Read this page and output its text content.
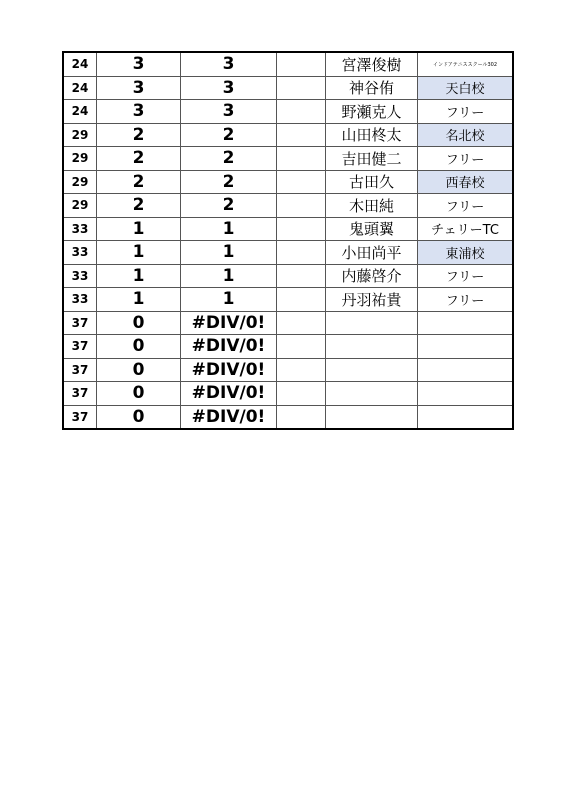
24	3	3		宮澤俊樹	インドアテニススクール302
24	3	3		神谷侑	天白校
24	3	3		野瀬克人	フリー
29	2	2		山田柊太	名北校
29	2	2		吉田健二	フリー
29	2	2		古田久	西春校
29	2	2		木田純	フリー
33	1	1		鬼頭翼	チェリーTC
33	1	1		小田尚平	東浦校
33	1	1		内藤啓介	フリー
33	1	1		丹羽祐貴	フリー
37	0	#DIV/0!			
37	0	#DIV/0!			
37	0	#DIV/0!			
37	0	#DIV/0!			
37	0	#DIV/0!			
